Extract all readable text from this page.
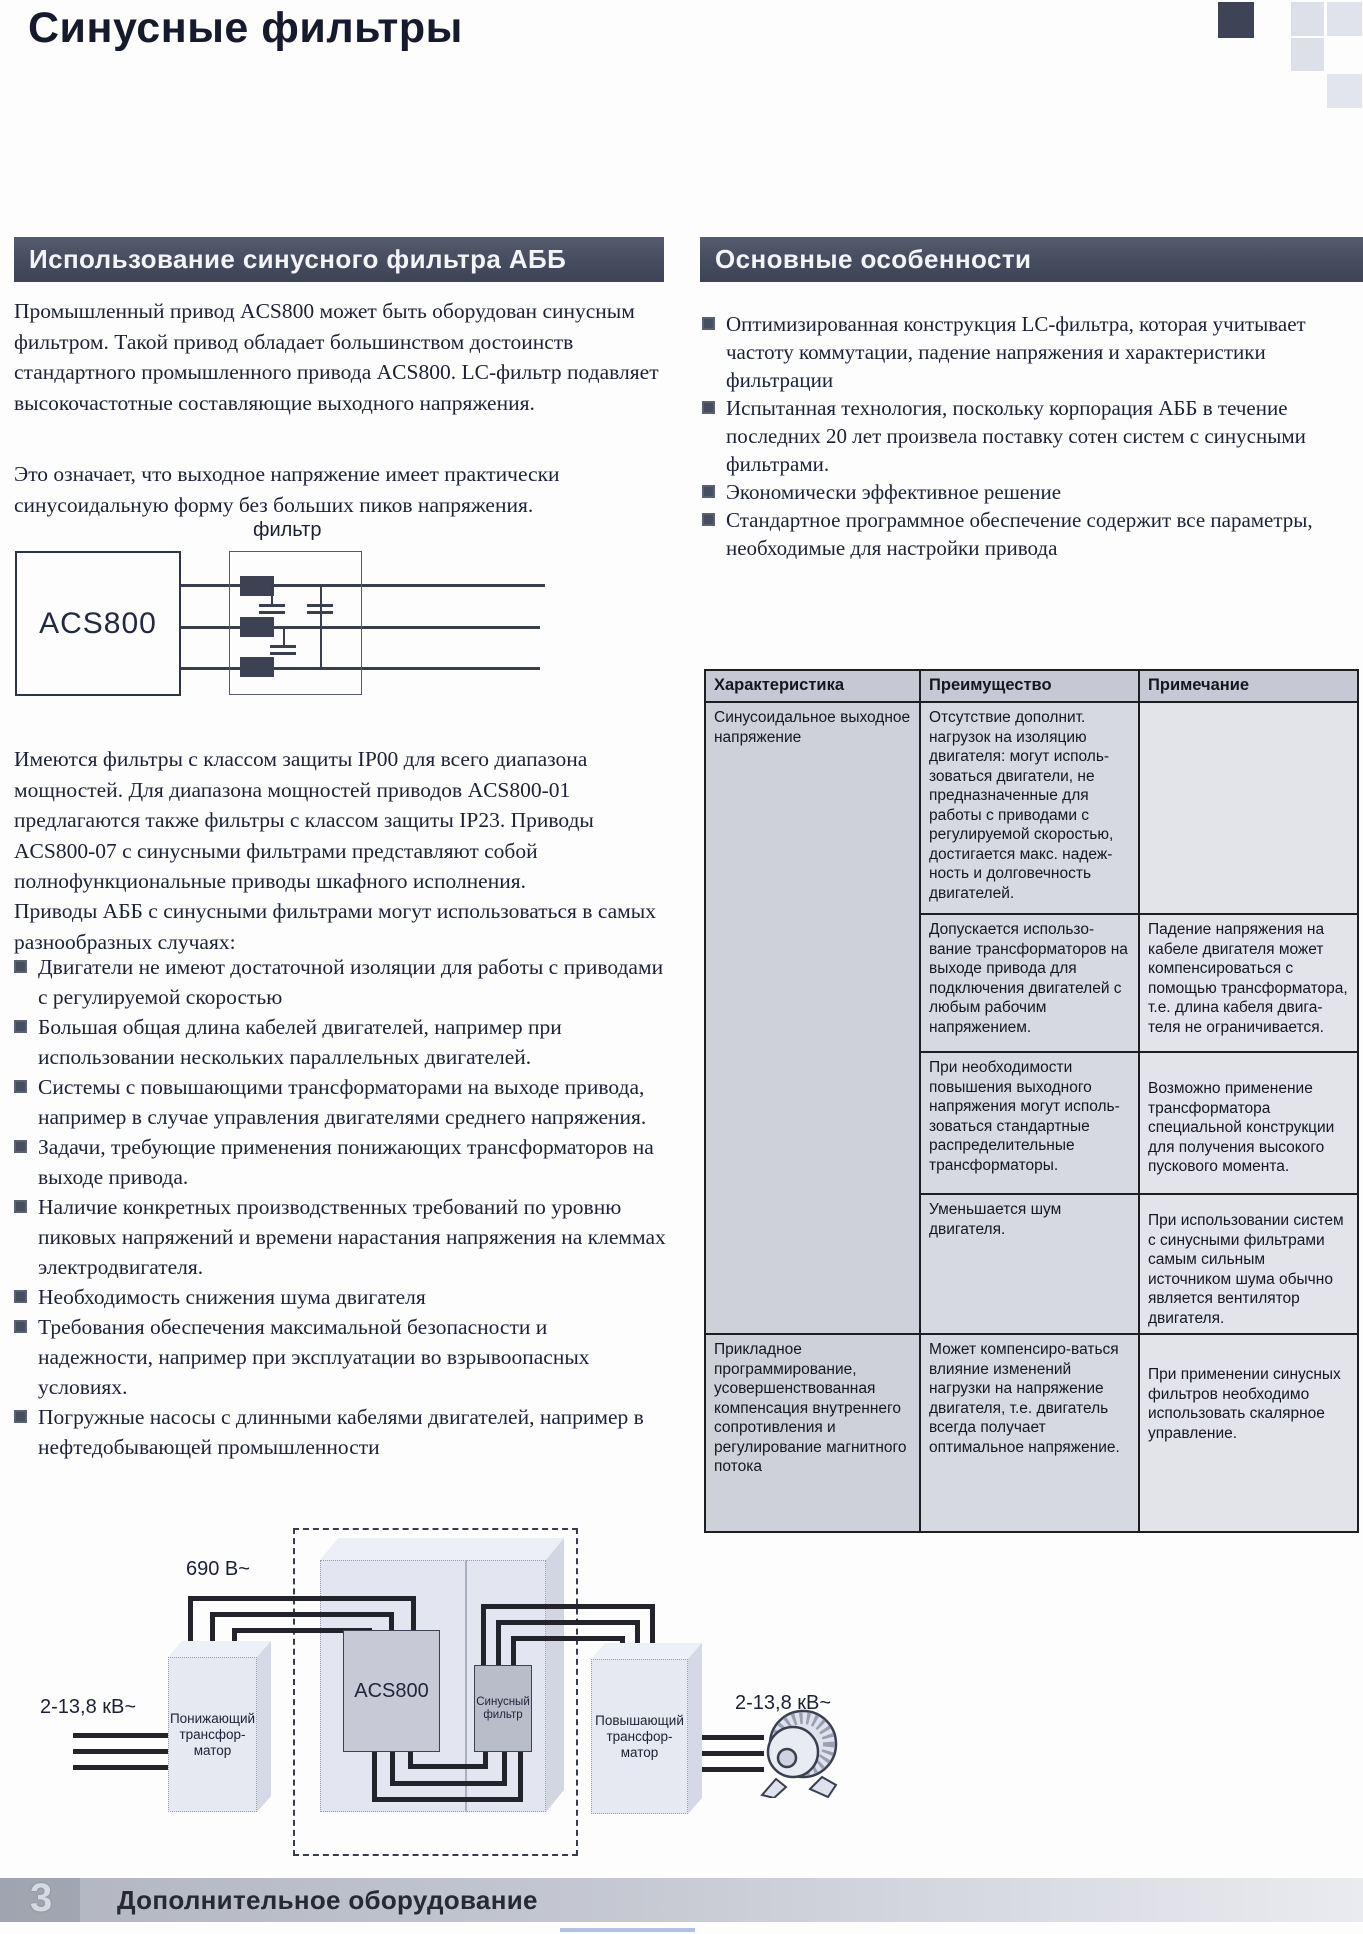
Синусные фильтры
Использование синусного фильтра АББ	Основные особенности

Промышленный привод ACS800 может быть оборудован синусным фильтром. Такой привод обладает большинством достоинств стандартного промышленного привода ACS800. LC-фильтр подавляет высокочастотные составляющие выходного напряжения.

Это означает, что выходное напряжение имеет практически синусоидальную форму без больших пиков напряжения.

фильтр
ACS800

Имеются фильтры с классом защиты IP00 для всего диапазона мощностей. Для диапазона мощностей приводов ACS800-01 предлагаются также фильтры с классом защиты IP23. Приводы ACS800-07 с синусными фильтрами представляют собой полнофункциональные приводы шкафного исполнения.

Приводы АББ с синусными фильтрами могут использоваться в самых разнообразных случаях:

Двигатели не имеют достаточной изоляции для работы с приводами с регулируемой скоростью
Большая общая длина кабелей двигателей, например при использовании нескольких параллельных двигателей.
Системы с повышающими трансформаторами на выходе привода, например в случае управления двигателями среднего напряжения.
Задачи, требующие применения понижающих трансформаторов на выходе привода.
Наличие конкретных производственных требований по уровню пиковых напряжений и времени нарастания напряжения на клеммах электродвигателя.
Необходимость снижения шума двигателя
Требования обеспечения максимальной безопасности и надежности, например при эксплуатации во взрывоопасных условиях.
Погружные насосы с длинными кабелями двигателей, например в нефтедобывающей промышленности
Оптимизированная конструкция LC-фильтра, которая учитывает частоту коммутации, падение напряжения и характеристики фильтрации
Испытанная технология, поскольку корпорация АББ в течение последних 20 лет произвела поставку сотен систем с синусными фильтрами.
Экономически эффективное решение
Стандартное программное обеспечение содержит все параметры, необходимые для настройки привода
Характеристика	Преимущество	Примечание
Синусоидальное выходное напряжение	Отсутствие дополнит. нагрузок на изоляцию двигателя: могут исполь-зоваться двигатели, не предназначенные для работы с приводами с регулируемой скоростью, достигается макс. надеж-ность и долговечность двигателей.	
	Допускается использо-вание трансформаторов на выходе привода для подключения двигателей с любым рабочим напряжением.	Падение напряжения на кабеле двигателя может компенсироваться с помощью трансформатора, т.е. длина кабеля двига-теля не ограничивается.
	При необходимости повышения выходного напряжения могут исполь-зоваться стандартные распределительные трансформаторы.	Возможно применение трансформатора специальной конструкции для получения высокого пускового момента.
	Уменьшается шум двигателя.	При использовании систем с синусными фильтрами самым сильным источником шума обычно является вентилятор двигателя.
Прикладное программирование, усовершенствованная компенсация внутреннего сопротивления и регулирование магнитного потока	Может компенсиро-ваться влияние изменений нагрузки на напряжение двигателя, т.е. двигатель всегда получает оптимальное напряжение.	При применении синусных фильтров необходимо использовать скалярное управление.
Понижающий трансфор-матор
ACS800	Синусный фильтр	Повышающий трансфор-матор
690 В~
2-13,8 кВ~	2-13,8 кВ~
3 Дополнительное оборудование
